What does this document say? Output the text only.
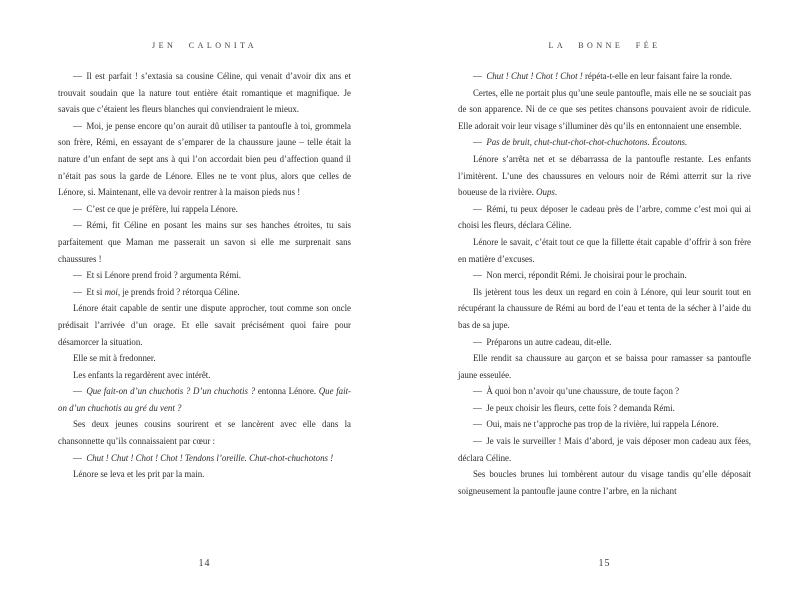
JEN CALONITA

— Il est parfait ! s’extasia sa cousine Céline, qui venait d’avoir dix ans et trouvait soudain que la nature tout entière était romantique et magnifique. Je savais que c’étaient les fleurs blanches qui conviendraient le mieux.

— Moi, je pense encore qu’on aurait dû utiliser ta pantoufle à toi, grommela son frère, Rémi, en essayant de s’emparer de la chaussure jaune – telle était la nature d’un enfant de sept ans à qui l’on accordait bien peu d’affection quand il n’était pas sous la garde de Lénore. Elles ne te vont plus, alors que celles de Lénore, si. Maintenant, elle va devoir rentrer à la maison pieds nus !

— C’est ce que je préfère, lui rappela Lénore.

— Rémi, fit Céline en posant les mains sur ses hanches étroites, tu sais parfaitement que Maman me passerait un savon si elle me surprenait sans chaussures !

— Et si Lénore prend froid ? argumenta Rémi.

— Et si moi, je prends froid ? rétorqua Céline.

Lénore était capable de sentir une dispute approcher, tout comme son oncle prédisait l’arrivée d’un orage. Et elle savait précisément quoi faire pour désamorcer la situation.

Elle se mit à fredonner.

Les enfants la regardèrent avec intérêt.

— Que fait-on d’un chuchotis ? D’un chuchotis ? entonna Lénore. Que fait-on d’un chuchotis au gré du vent ?

Ses deux jeunes cousins sourirent et se lancèrent avec elle dans la chansonnette qu’ils connaissaient par cœur :

— Chut ! Chut ! Chot ! Chot ! Tendons l’oreille. Chut-chot-chuchotons !

Lénore se leva et les prit par la main.

14
LA BONNE FÉE

— Chut ! Chut ! Chot ! Chot ! répéta-t-elle en leur faisant faire la ronde.

Certes, elle ne portait plus qu’une seule pantoufle, mais elle ne se souciait pas de son apparence. Ni de ce que ses petites chansons pouvaient avoir de ridicule. Elle adorait voir leur visage s’illuminer dès qu’ils en entonnaient une ensemble.

— Pas de bruit, chut-chut-chot-chot-chuchotons. Écoutons.

Lénore s’arrêta net et se débarrassa de la pantoufle restante. Les enfants l’imitèrent. L’une des chaussures en velours noir de Rémi atterrit sur la rive boueuse de la rivière. Oups.

— Rémi, tu peux déposer le cadeau près de l’arbre, comme c’est moi qui ai choisi les fleurs, déclara Céline.

Lénore le savait, c’était tout ce que la fillette était capable d’offrir à son frère en matière d’excuses.

— Non merci, répondit Rémi. Je choisirai pour le prochain.

Ils jetèrent tous les deux un regard en coin à Lénore, qui leur sourit tout en récupérant la chaussure de Rémi au bord de l’eau et tenta de la sécher à l’aide du bas de sa jupe.

— Préparons un autre cadeau, dit-elle.

Elle rendit sa chaussure au garçon et se baissa pour ramasser sa pantoufle jaune esseulée.

— À quoi bon n’avoir qu’une chaussure, de toute façon ?

— Je peux choisir les fleurs, cette fois ? demanda Rémi.

— Oui, mais ne t’approche pas trop de la rivière, lui rappela Lénore.

— Je vais le surveiller ! Mais d’abord, je vais déposer mon cadeau aux fées, déclara Céline.

Ses boucles brunes lui tombèrent autour du visage tandis qu’elle déposait soigneusement la pantoufle jaune contre l’arbre, en la nichant

15
